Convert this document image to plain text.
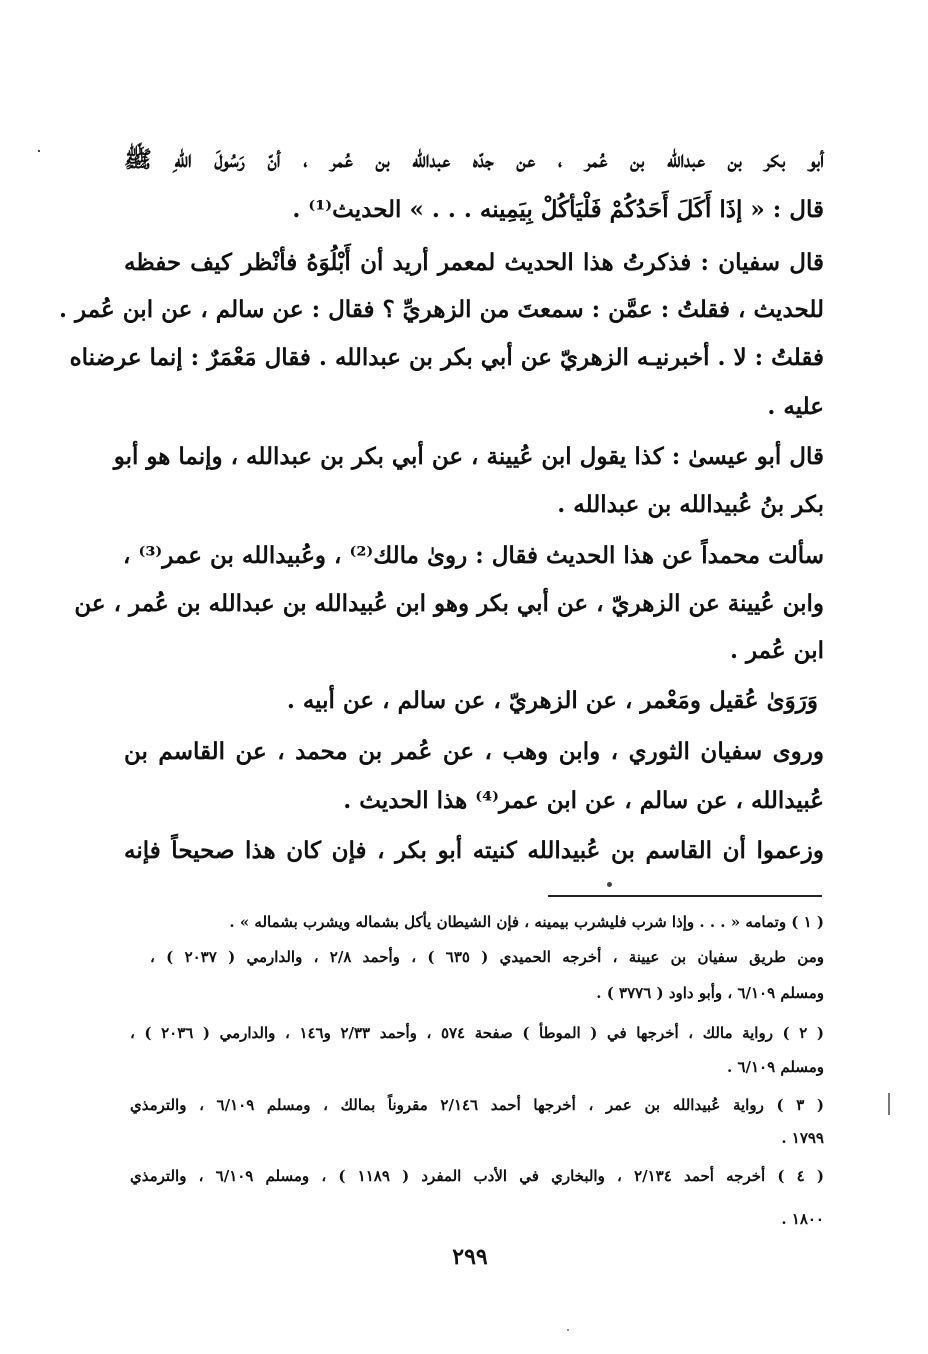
أبو بكر بن عبدالله بن عُمر ، عن جدّه عبدالله بن عُمر ، أنّ رَسُولَ اللهِ ﷺ
قال : « إذَا أَكَلَ أَحَدُكُمْ فَلْيَأكُلْ بِيَمِينه . . . » الحديث⁽¹⁾ .
قال سفيان : فذكرتُ هذا الحديث لمعمر أريد أن أَبْلُوَهُ فأنْظر كيف حفظه
للحديث ، فقلتُ : عمَّن : سمعتَ من الزهريِّ ؟ فقال : عن سالم ، عن ابن عُمر .
فقلتُ : لا . أخبرنيـه الزهريّ عن أبي بكر بن عبدالله . فقال مَعْمَرٌ : إنما عرضناه
عليه .
قال أبو عيسىٰ : كذا يقول ابن عُيينة ، عن أبي بكر بن عبدالله ، وإنما هو أبو
بكر بنُ عُبيدالله بن عبدالله .
سألت محمداً عن هذا الحديث فقال : روىٰ مالك⁽²⁾ ، وعُبيدالله بن عمر⁽³⁾ ،
وابن عُيينة عن الزهريّ ، عن أبي بكر وهو ابن عُبيدالله بن عبدالله بن عُمر ، عن
ابن عُمر .
وَرَوَىٰ عُقيل ومَعْمر ، عن الزهريّ ، عن سالم ، عن أبيه .
وروى سفيان الثوري ، وابن وهب ، عن عُمر بن محمد ، عن القاسم بن
عُبيدالله ، عن سالم ، عن ابن عمر⁽⁴⁾ هذا الحديث .
وزعموا أن القاسم بن عُبيدالله كنيته أبو بكر ، فإن كان هذا صحيحاً فإنه
( ١ ) وتمامه « . . . وإذا شرب فليشرب بيمينه ، فإن الشيطان يأكل بشماله ويشرب بشماله » .
ومن طريق سفيان بن عيينة ، أخرجه الحميدي ( ٦٣٥ ) ، وأحمد ٢/٨ ، والدارمي ( ٢٠٣٧ ) ،
ومسلم ٦/١٠٩ ، وأبو داود ( ٣٧٧٦ ) .
( ٢ ) رواية مالك ، أخرجها في ( الموطأ ) صفحة ٥٧٤ ، وأحمد ٢/٣٣ و١٤٦ ، والدارمي ( ٢٠٣٦ ) ،
ومسلم ٦/١٠٩ .
( ٣ ) رواية عُبيدالله بن عمر ، أخرجها أحمد ٢/١٤٦ مقروناً بمالك ، ومسلم ٦/١٠٩ ، والترمذي
١٧٩٩ .
( ٤ ) أخرجه أحمد ٢/١٣٤ ، والبخاري في الأدب المفرد ( ١١٨٩ ) ، ومسلم ٦/١٠٩ ، والترمذي
١٨٠٠ .
٢٩٩
